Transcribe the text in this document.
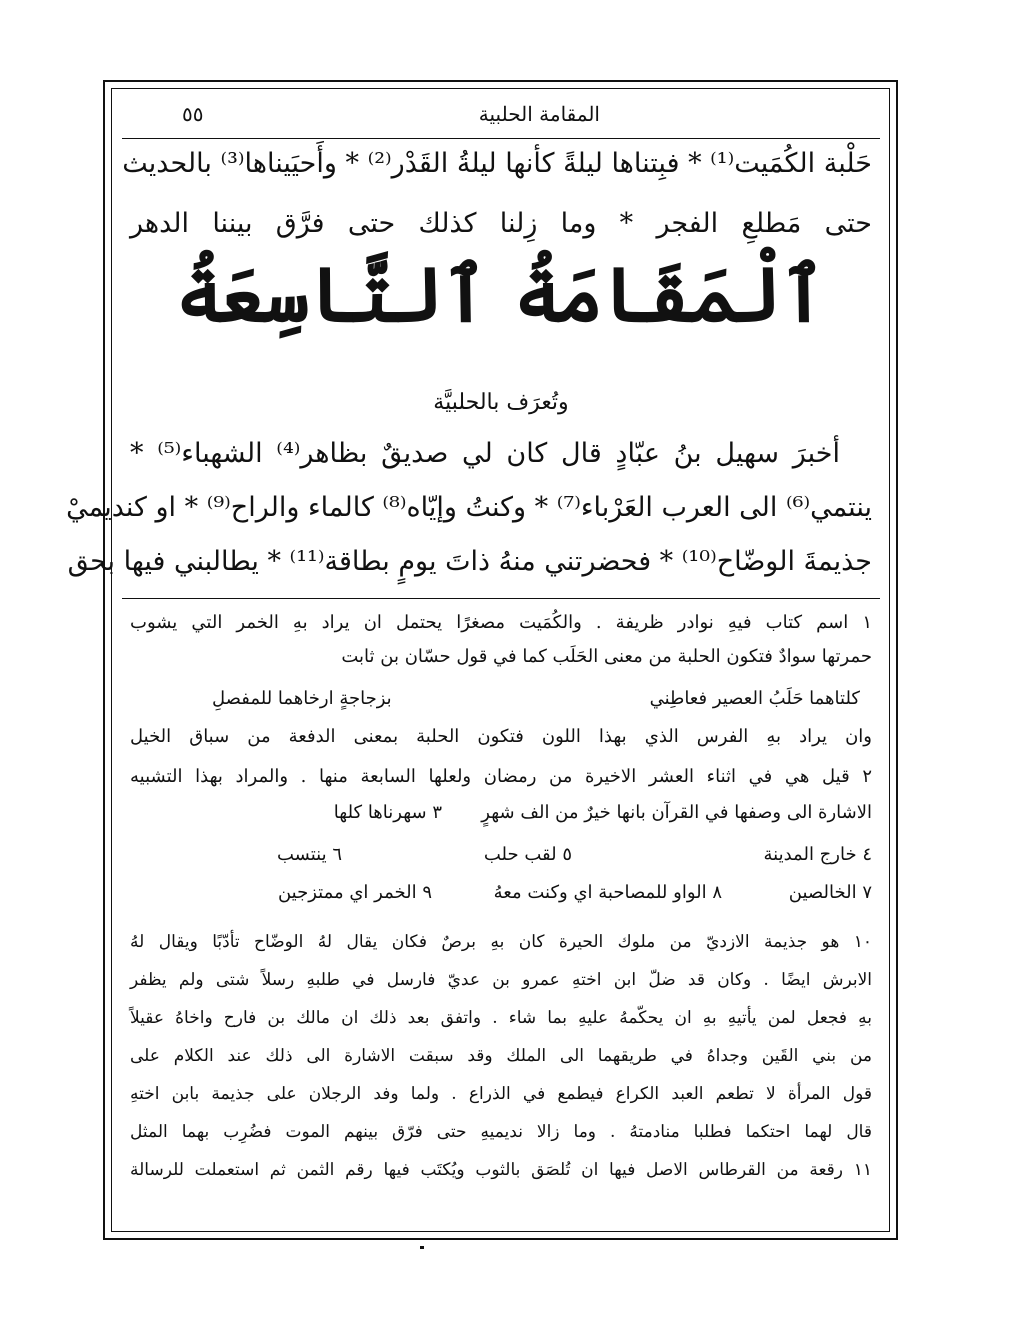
المقامة الحلبية
٥٥
حَلْبة الكُمَيت⁽¹⁾ * فبِتناها ليلةً كأنها ليلةُ القَدْر⁽²⁾ * وأَحيَيناها⁽³⁾ بالحديث
حتى مَطلعِ الفجر * وما زِلنا كذلك حتى فرَّق بيننا الدهر
ٱلْمَقَامَةُ ٱلتَّاسِعَةُ
وتُعرَف بالحلبيَّة
أخبرَ سهيل بنُ عبّادٍ قال كان لي صديقٌ بظاهر⁽⁴⁾ الشهباء⁽⁵⁾ *
ينتمي⁽⁶⁾ الى العرب العَرْباء⁽⁷⁾ * وكنتُ وإيّاه⁽⁸⁾ كالماء والراح⁽⁹⁾ * او كنديميْ
جذيمةَ الوضّاح⁽¹⁰⁾ * فحضرتني منهُ ذاتَ يومٍ بطاقة⁽¹¹⁾ * يطالبني فيها بحق
١ اسم كتاب فيهِ نوادر ظريفة . والكُمَيت مصغرًا يحتمل ان يراد بهِ الخمر التي يشوب
حمرتها سوادٌ فتكون الحلبة من معنى الحَلَب كما في قول حسّان بن ثابت
كلتاهما حَلَبُ العصير فعاطِني
بزجاجةٍ ارخاهما للمفصلِ
وان يراد بهِ الفرس الذي بهذا اللون فتكون الحلبة بمعنى الدفعة من سباق الخيل
٢ قيل هي في اثناء العشر الاخيرة من رمضان ولعلها السابعة منها . والمراد بهذا التشبيه
الاشارة الى وصفها في القرآن بانها خيرٌ من الف شهرٍ
٣ سهرناها كلها
٤ خارج المدينة
٥ لقب حلب
٦ ينتسب
٧ الخالصين
٨ الواو للمصاحبة اي وكنت معهُ
٩ الخمر اي ممتزجين
١٠ هو جذيمة الازديّ من ملوك الحيرة كان بهِ برصٌ فكان يقال لهُ الوضّاح تأدّبًا ويقال لهُ
الابرش ايضًا . وكان قد ضلّ ابن اختهِ عمرو بن عديّ فارسل في طلبهِ رسلاً شتى ولم يظفر
بهِ فجعل لمن يأتيهِ بهِ ان يحكّمهُ عليهِ بما شاء . واتفق بعد ذلك ان مالك بن فارح واخاهُ عقيلاً
من بني القَين وجداهُ في طريقهما الى الملك وقد سبقت الاشارة الى ذلك عند الكلام على
قول المرأة لا تطعم العبد الكراع فيطمع في الذراع . ولما وفد الرجلان على جذيمة بابن اختهِ
قال لهما احتكما فطلبا منادمتهُ . وما زالا نديميهِ حتى فرّق بينهم الموت فضُرِب بهما المثل
١١ رقعة من القرطاس الاصل فيها ان تُلصَق بالثوب ويُكتَب فيها رقم الثمن ثم استعملت للرسالة
